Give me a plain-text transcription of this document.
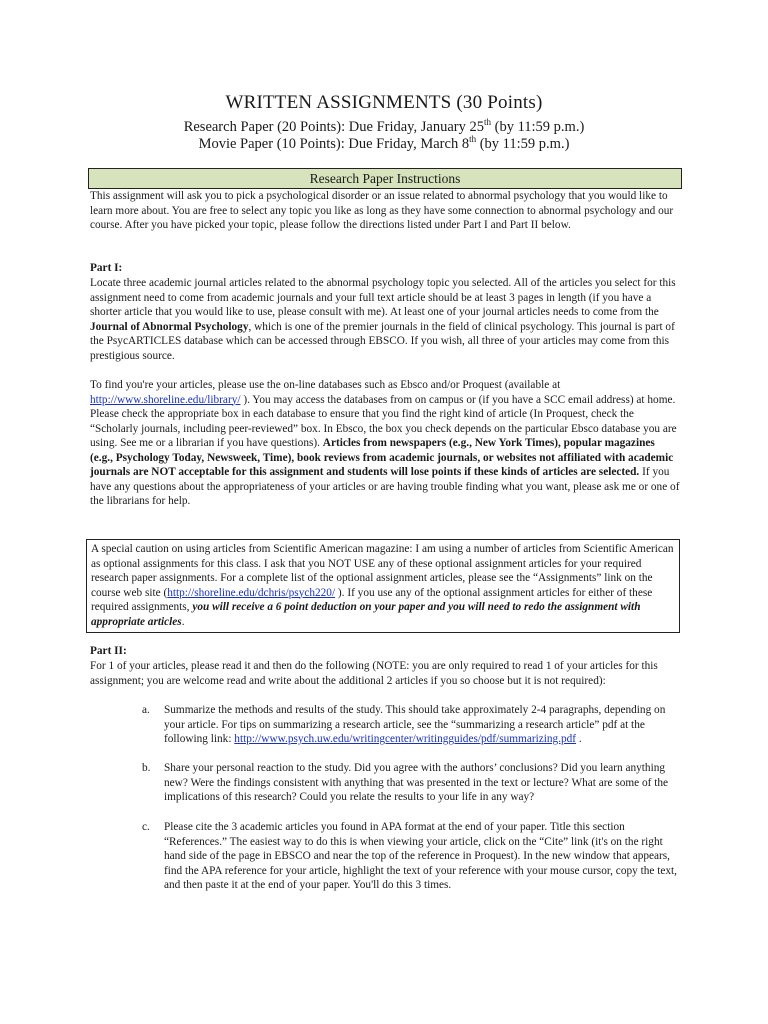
WRITTEN ASSIGNMENTS (30 Points)
Research Paper (20 Points): Due Friday, January 25th (by 11:59 p.m.)
Movie Paper (10 Points): Due Friday, March 8th (by 11:59 p.m.)
Research Paper Instructions

This assignment will ask you to pick a psychological disorder or an issue related to abnormal psychology that you would like to learn more about. You are free to select any topic you like as long as they have some connection to abnormal psychology and our course. After you have picked your topic, please follow the directions listed under Part I and Part II below.

Part I:

Locate three academic journal articles related to the abnormal psychology topic you selected. All of the articles you select for this assignment need to come from academic journals and your full text article should be at least 3 pages in length (if you have a shorter article that you would like to use, please consult with me). At least one of your journal articles needs to come from the Journal of Abnormal Psychology, which is one of the premier journals in the field of clinical psychology. This journal is part of the PsycARTICLES database which can be accessed through EBSCO. If you wish, all three of your articles may come from this prestigious source.

To find you're your articles, please use the on-line databases such as Ebsco and/or Proquest (available at http://www.shoreline.edu/library/ ). You may access the databases from on campus or (if you have a SCC email address) at home. Please check the appropriate box in each database to ensure that you find the right kind of article (In Proquest, check the “Scholarly journals, including peer-reviewed” box. In Ebsco, the box you check depends on the particular Ebsco database you are using. See me or a librarian if you have questions). Articles from newspapers (e.g., New York Times), popular magazines (e.g., Psychology Today, Newsweek, Time), book reviews from academic journals, or websites not affiliated with academic journals are NOT acceptable for this assignment and students will lose points if these kinds of articles are selected. If you have any questions about the appropriateness of your articles or are having trouble finding what you want, please ask me or one of the librarians for help.

A special caution on using articles from Scientific American magazine: I am using a number of articles from Scientific American as optional assignments for this class. I ask that you NOT USE any of these optional assignment articles for your required research paper assignments. For a complete list of the optional assignment articles, please see the “Assignments” link on the course web site (http://shoreline.edu/dchris/psych220/ ). If you use any of the optional assignment articles for either of these required assignments, you will receive a 6 point deduction on your paper and you will need to redo the assignment with appropriate articles.

Part II:

For 1 of your articles, please read it and then do the following (NOTE: you are only required to read 1 of your articles for this assignment; you are welcome read and write about the additional 2 articles if you so choose but it is not required):

a. Summarize the methods and results of the study. This should take approximately 2-4 paragraphs, depending on your article. For tips on summarizing a research article, see the “summarizing a research article” pdf at the following link: http://www.psych.uw.edu/writingcenter/writingguides/pdf/summarizing.pdf .
b. Share your personal reaction to the study. Did you agree with the authors’ conclusions? Did you learn anything new? Were the findings consistent with anything that was presented in the text or lecture? What are some of the implications of this research? Could you relate the results to your life in any way?
c. Please cite the 3 academic articles you found in APA format at the end of your paper. Title this section “References.” The easiest way to do this is when viewing your article, click on the “Cite” link (it's on the right hand side of the page in EBSCO and near the top of the reference in Proquest). In the new window that appears, find the APA reference for your article, highlight the text of your reference with your mouse cursor, copy the text, and then paste it at the end of your paper. You'll do this 3 times.
